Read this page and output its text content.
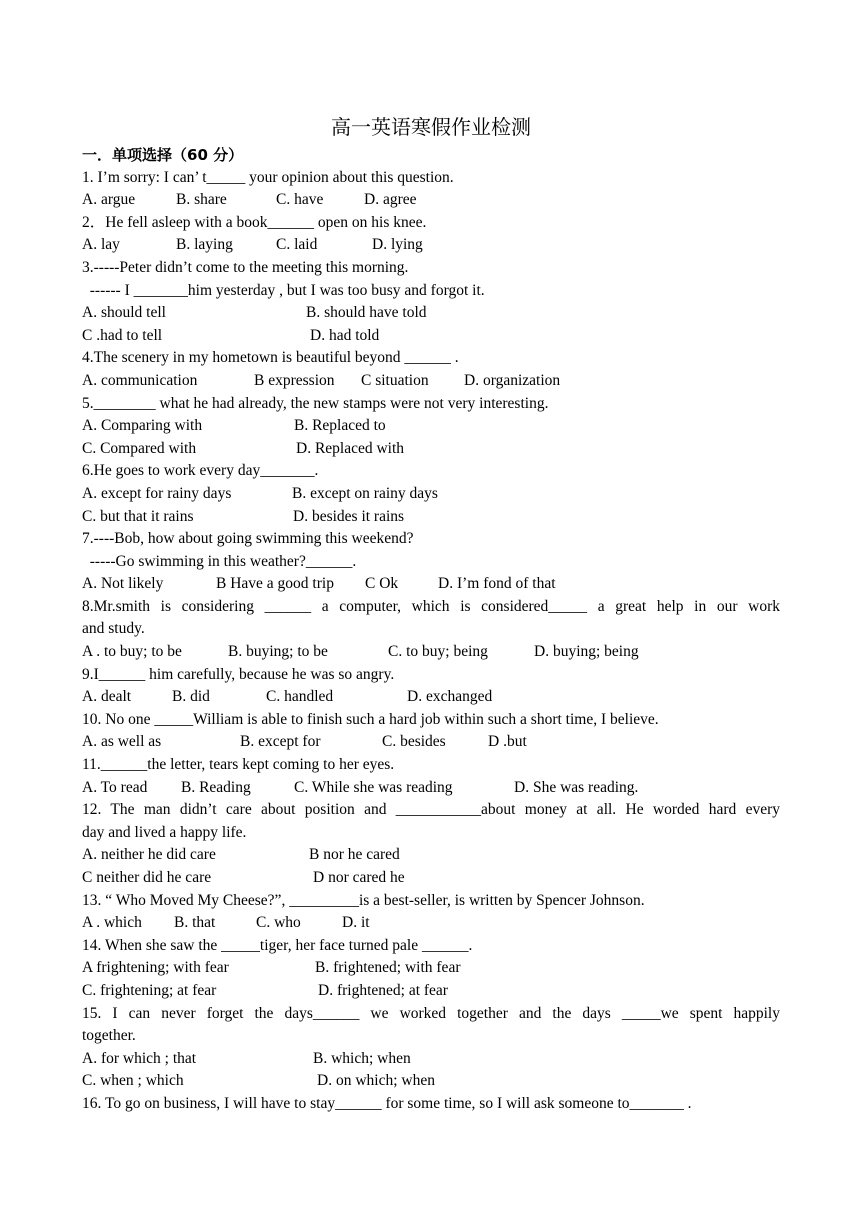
高一英语寒假作业检测
一．单项选择（60 分）
1. I’m sorry: I can’ t_____ your opinion about this question.
A. argue	B. share	C. have	D. agree
2．He fell asleep with a book______ open on his knee.
A. lay	B. laying	C. laid	D. lying
3.-----Peter didn’t come to the meeting this morning.
------ I _______him yesterday , but I was too busy and forgot it.
A. should tell	B. should have told
C .had to tell	D. had told
4.The scenery in my hometown is beautiful beyond ______ .
A. communication	B expression C situation D. organization
5.________ what he had already, the new stamps were not very interesting.
A. Comparing with	B. Replaced to
C. Compared with	D. Replaced with
6.He goes to work every day_______.
A. except for rainy days	B. except on rainy days
C. but that it rains	D. besides it rains
7.----Bob, how about going swimming this weekend?
-----Go swimming in this weather?______.
A. Not likely	B Have a good trip C Ok	D. I’m fond of that
8.Mr.smith is considering ______ a computer, which is considered_____ a great help in our work
and study.
A . to buy; to be	B. buying; to be	C. to buy; being	D. buying; being
9.I______ him carefully, because he was so angry.
A. dealt	B. did	C. handled	D. exchanged
10. No one _____William is able to finish such a hard job within such a short time, I believe.
A. as well as	B. except for	C. besides	D .but
11.______the letter, tears kept coming to her eyes.
A. To read B. Reading	C. While she was reading	D. She was reading.
12. The man didn’t care about position and ___________about money at all. He worded hard every
day and lived a happy life.
A. neither he did care	B nor he cared
C neither did he care	D nor cared he
13. “ Who Moved My Cheese?”, _________is a best-seller, is written by Spencer Johnson.
A . which B. that	C. who	D. it
14. When she saw the _____tiger, her face turned pale ______.
A frightening; with fear	B. frightened; with fear
C. frightening; at fear	D. frightened; at fear
15. I can never forget the days______ we worked together and the days _____we spent happily
together.
A. for which ; that	B. which; when
C. when ; which	D. on which; when
16. To go on business, I will have to stay______ for some time, so I will ask someone to_______ .
